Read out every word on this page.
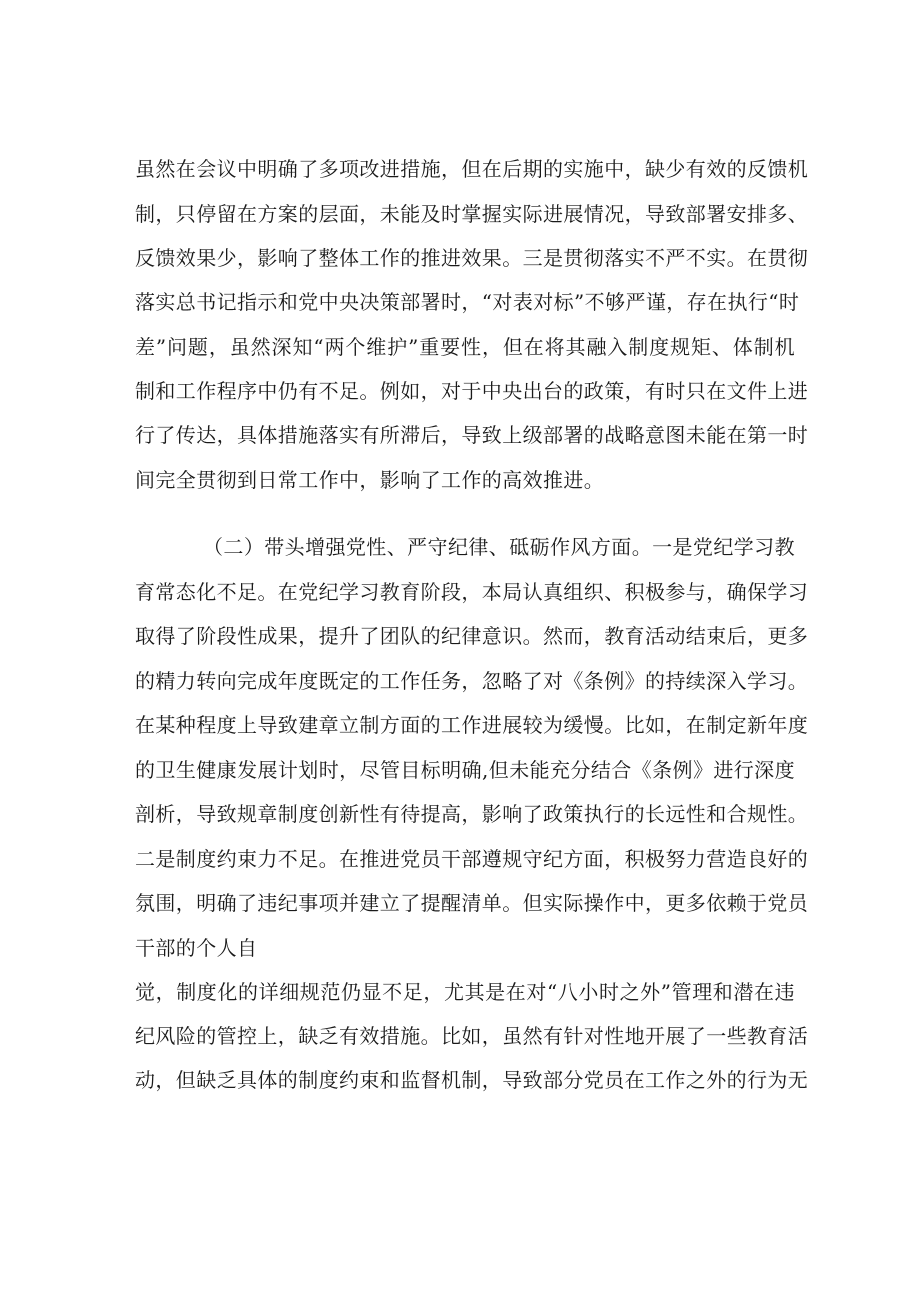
虽然在会议中明确了多项改进措施，但在后期的实施中，缺少有效的反馈机
制，只停留在方案的层面，未能及时掌握实际进展情况，导致部署安排多、
反馈效果少，影响了整体工作的推进效果。三是贯彻落实不严不实。在贯彻
落实总书记指示和党中央决策部署时，“对表对标”不够严谨，存在执行“时
差”问题，虽然深知“两个维护”重要性，但在将其融入制度规矩、体制机
制和工作程序中仍有不足。例如，对于中央出台的政策，有时只在文件上进
行了传达，具体措施落实有所滞后，导致上级部署的战略意图未能在第一时
间完全贯彻到日常工作中，影响了工作的高效推进。
（二）带头增强党性、严守纪律、砥砺作风方面。一是党纪学习教
育常态化不足。在党纪学习教育阶段，本局认真组织、积极参与，确保学习
取得了阶段性成果，提升了团队的纪律意识。然而，教育活动结束后，更多
的精力转向完成年度既定的工作任务，忽略了对《条例》的持续深入学习。
在某种程度上导致建章立制方面的工作进展较为缓慢。比如，在制定新年度
的卫生健康发展计划时，尽管目标明确,但未能充分结合《条例》进行深度
剖析，导致规章制度创新性有待提高，影响了政策执行的长远性和合规性。
二是制度约束力不足。在推进党员干部遵规守纪方面，积极努力营造良好的
氛围，明确了违纪事项并建立了提醒清单。但实际操作中，更多依赖于党员
干部的个人自
觉，制度化的详细规范仍显不足，尤其是在对“八小时之外”管理和潜在违
纪风险的管控上，缺乏有效措施。比如，虽然有针对性地开展了一些教育活
动，但缺乏具体的制度约束和监督机制，导致部分党员在工作之外的行为无
